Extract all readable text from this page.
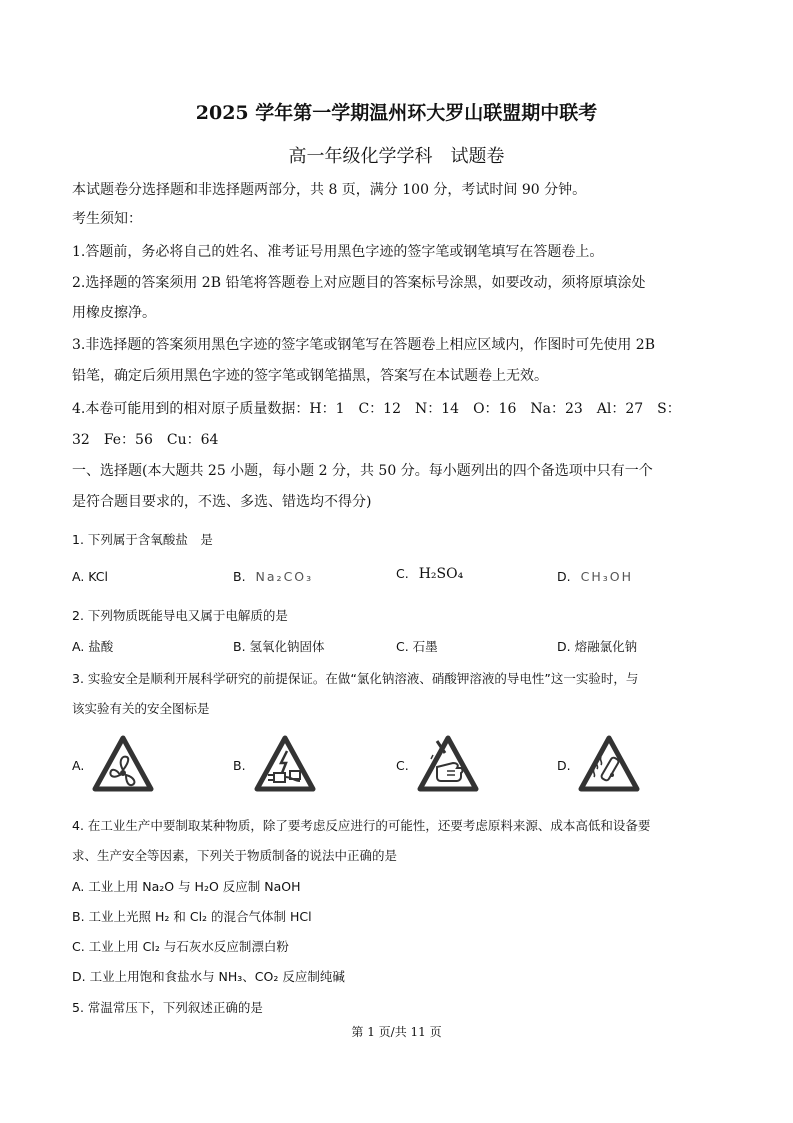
2025 学年第一学期温州环大罗山联盟期中联考
高一年级化学学科　试题卷
本试题卷分选择题和非选择题两部分，共 8 页，满分 100 分，考试时间 90 分钟。
考生须知：
1.答题前，务必将自己的姓名、准考证号用黑色字迹的签字笔或钢笔填写在答题卷上。
2.选择题的答案须用 2B 铅笔将答题卷上对应题目的答案标号涂黑，如要改动，须将原填涂处
用橡皮擦净。
3.非选择题的答案须用黑色字迹的签字笔或钢笔写在答题卷上相应区域内，作图时可先使用 2B
铅笔，确定后须用黑色字迹的签字笔或钢笔描黑，答案写在本试题卷上无效。
4.本卷可能用到的相对原子质量数据：H：1　C：12　N：14　O：16　Na：23　Al：27　S：
32　Fe：56　Cu：64
一、选择题(本大题共 25 小题，每小题 2 分，共 50 分。每小题列出的四个备选项中只有一个
是符合题目要求的，不选、多选、错选均不得分)
1. 下列属于含氧酸盐　是
A. KCl	B. Na₂CO₃	C. H₂SO₄	D. CH₃OH
2. 下列物质既能导电又属于电解质的是
A. 盐酸	B. 氢氧化钠固体	C. 石墨	D. 熔融氯化钠
3. 实验安全是顺利开展科学研究的前提保证。在做“氯化钠溶液、硝酸钾溶液的导电性”这一实验时，与
该实验有关的安全图标是
A.	B.	C.	D.
4. 在工业生产中要制取某种物质，除了要考虑反应进行的可能性，还要考虑原料来源、成本高低和设备要
求、生产安全等因素，下列关于物质制备的说法中正确的是
A. 工业上用 Na₂O 与 H₂O 反应制 NaOH
B. 工业上光照 H₂ 和 Cl₂ 的混合气体制 HCl
C. 工业上用 Cl₂ 与石灰水反应制漂白粉
D. 工业上用饱和食盐水与 NH₃、CO₂ 反应制纯碱
5. 常温常压下，下列叙述正确的是
第 1 页/共 11 页
